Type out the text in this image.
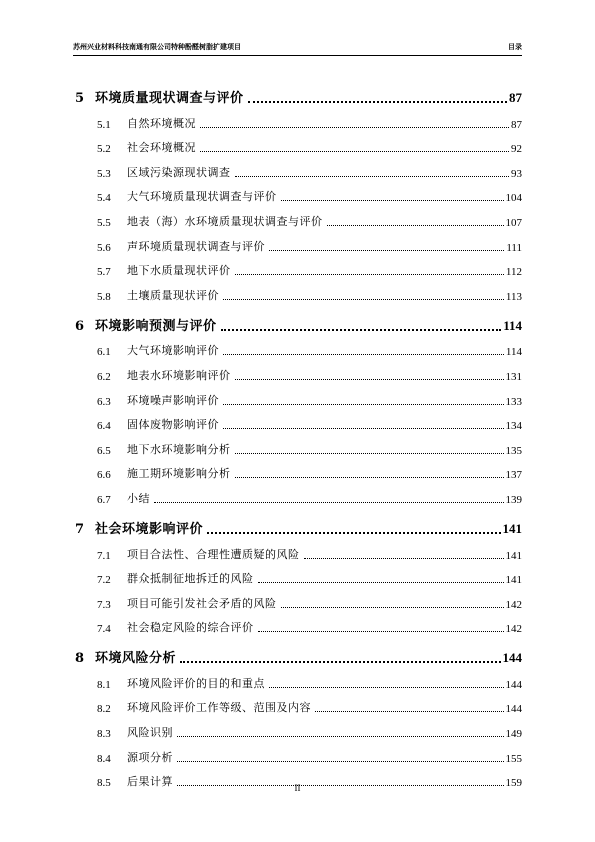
苏州兴业材料科技南通有限公司特种酚醛树脂扩建项目	目录
5 环境质量现状调查与评价	87
5.1	自然环境概况	87
5.2	社会环境概况	92
5.3	区域污染源现状调查	93
5.4	大气环境质量现状调查与评价	104
5.5	地表（海）水环境质量现状调查与评价	107
5.6	声环境质量现状调查与评价	111
5.7	地下水质量现状评价	112
5.8	土壤质量现状评价	113
6 环境影响预测与评价	114
6.1	大气环境影响评价	114
6.2	地表水环境影响评价	131
6.3	环境噪声影响评价	133
6.4	固体废物影响评价	134
6.5	地下水环境影响分析	135
6.6	施工期环境影响分析	137
6.7	小结	139
7 社会环境影响评价	141
7.1	项目合法性、合理性遭质疑的风险	141
7.2	群众抵制征地拆迁的风险	141
7.3	项目可能引发社会矛盾的风险	142
7.4	社会稳定风险的综合评价	142
8 环境风险分析	144
8.1	环境风险评价的目的和重点	144
8.2	环境风险评价工作等级、范围及内容	144
8.3	风险识别	149
8.4	源项分析	155
8.5	后果计算	159
II
